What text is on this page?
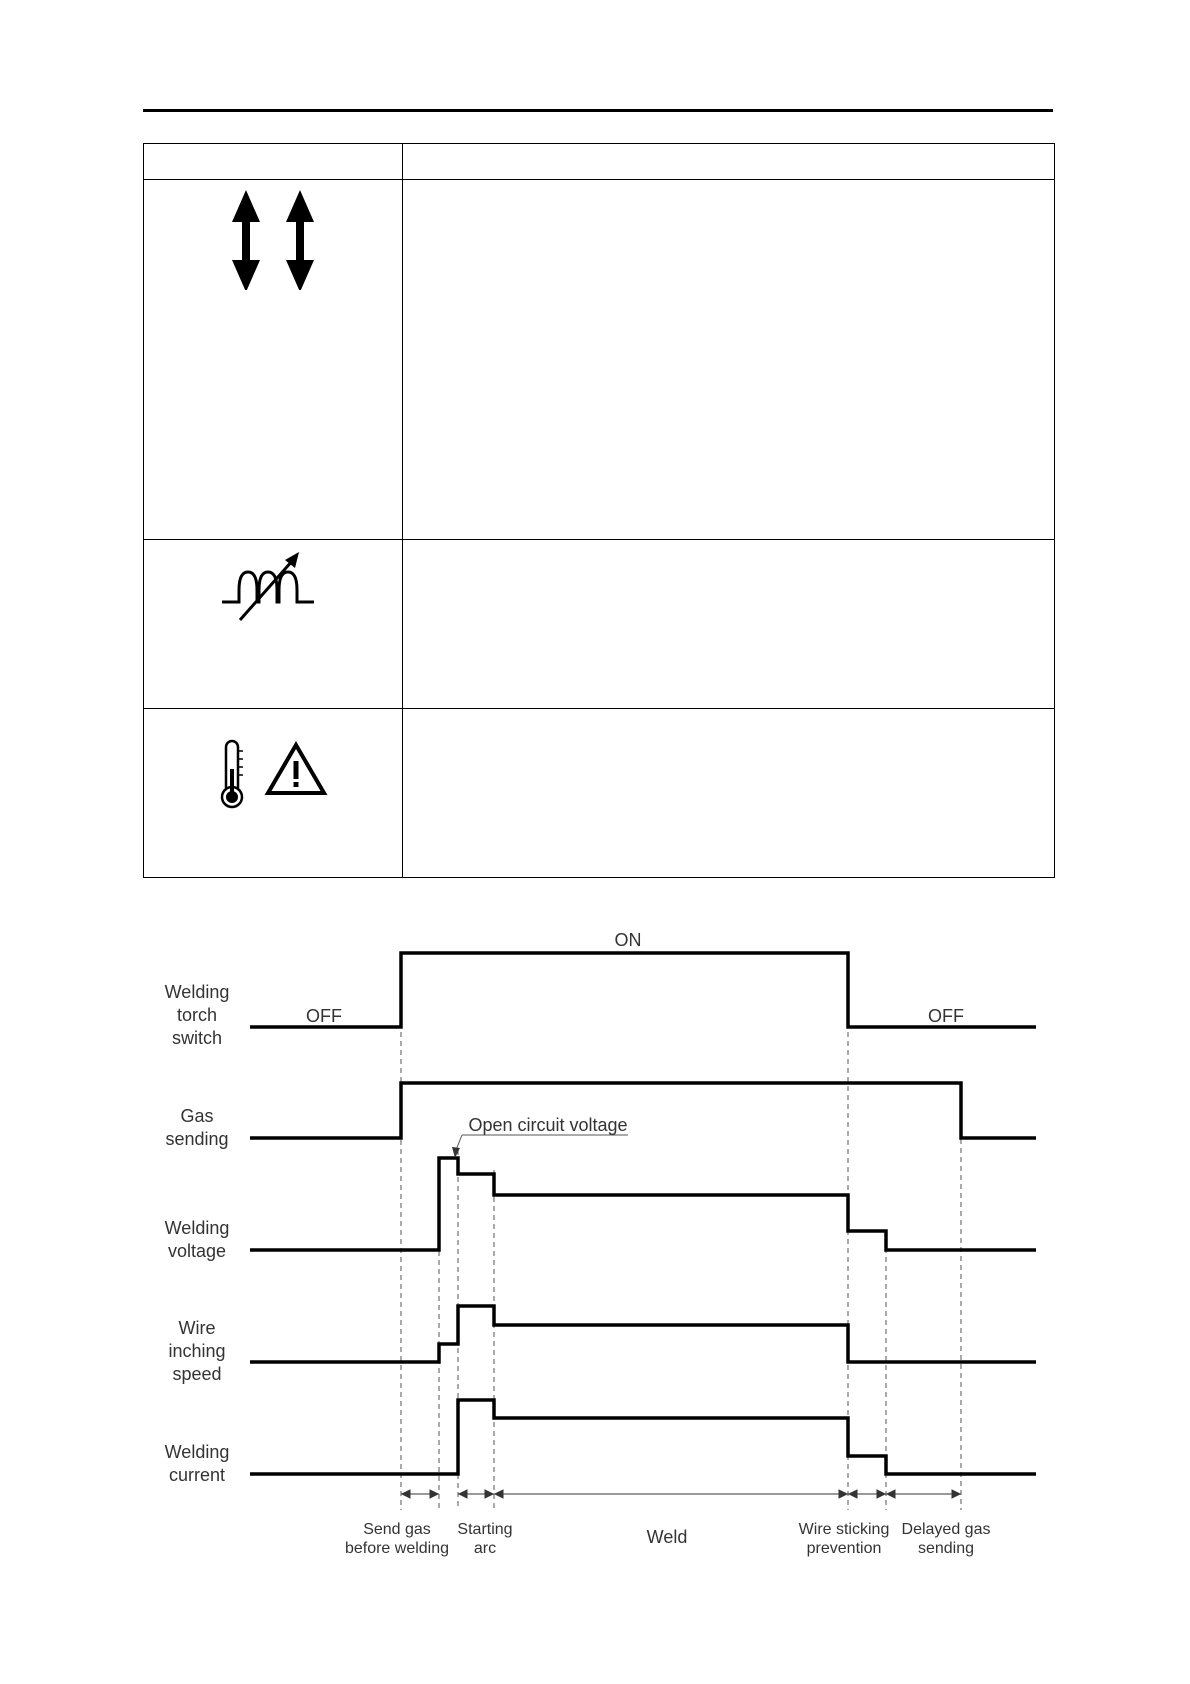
ON
OFF	OFF
Open circuit voltage
Welding
torch
switch
Gas
sending
Welding
voltage
Wire
inching
speed
Welding
current
Send gas
before welding
Starting
arc
Weld	Wire sticking
prevention
Delayed gas
sending
